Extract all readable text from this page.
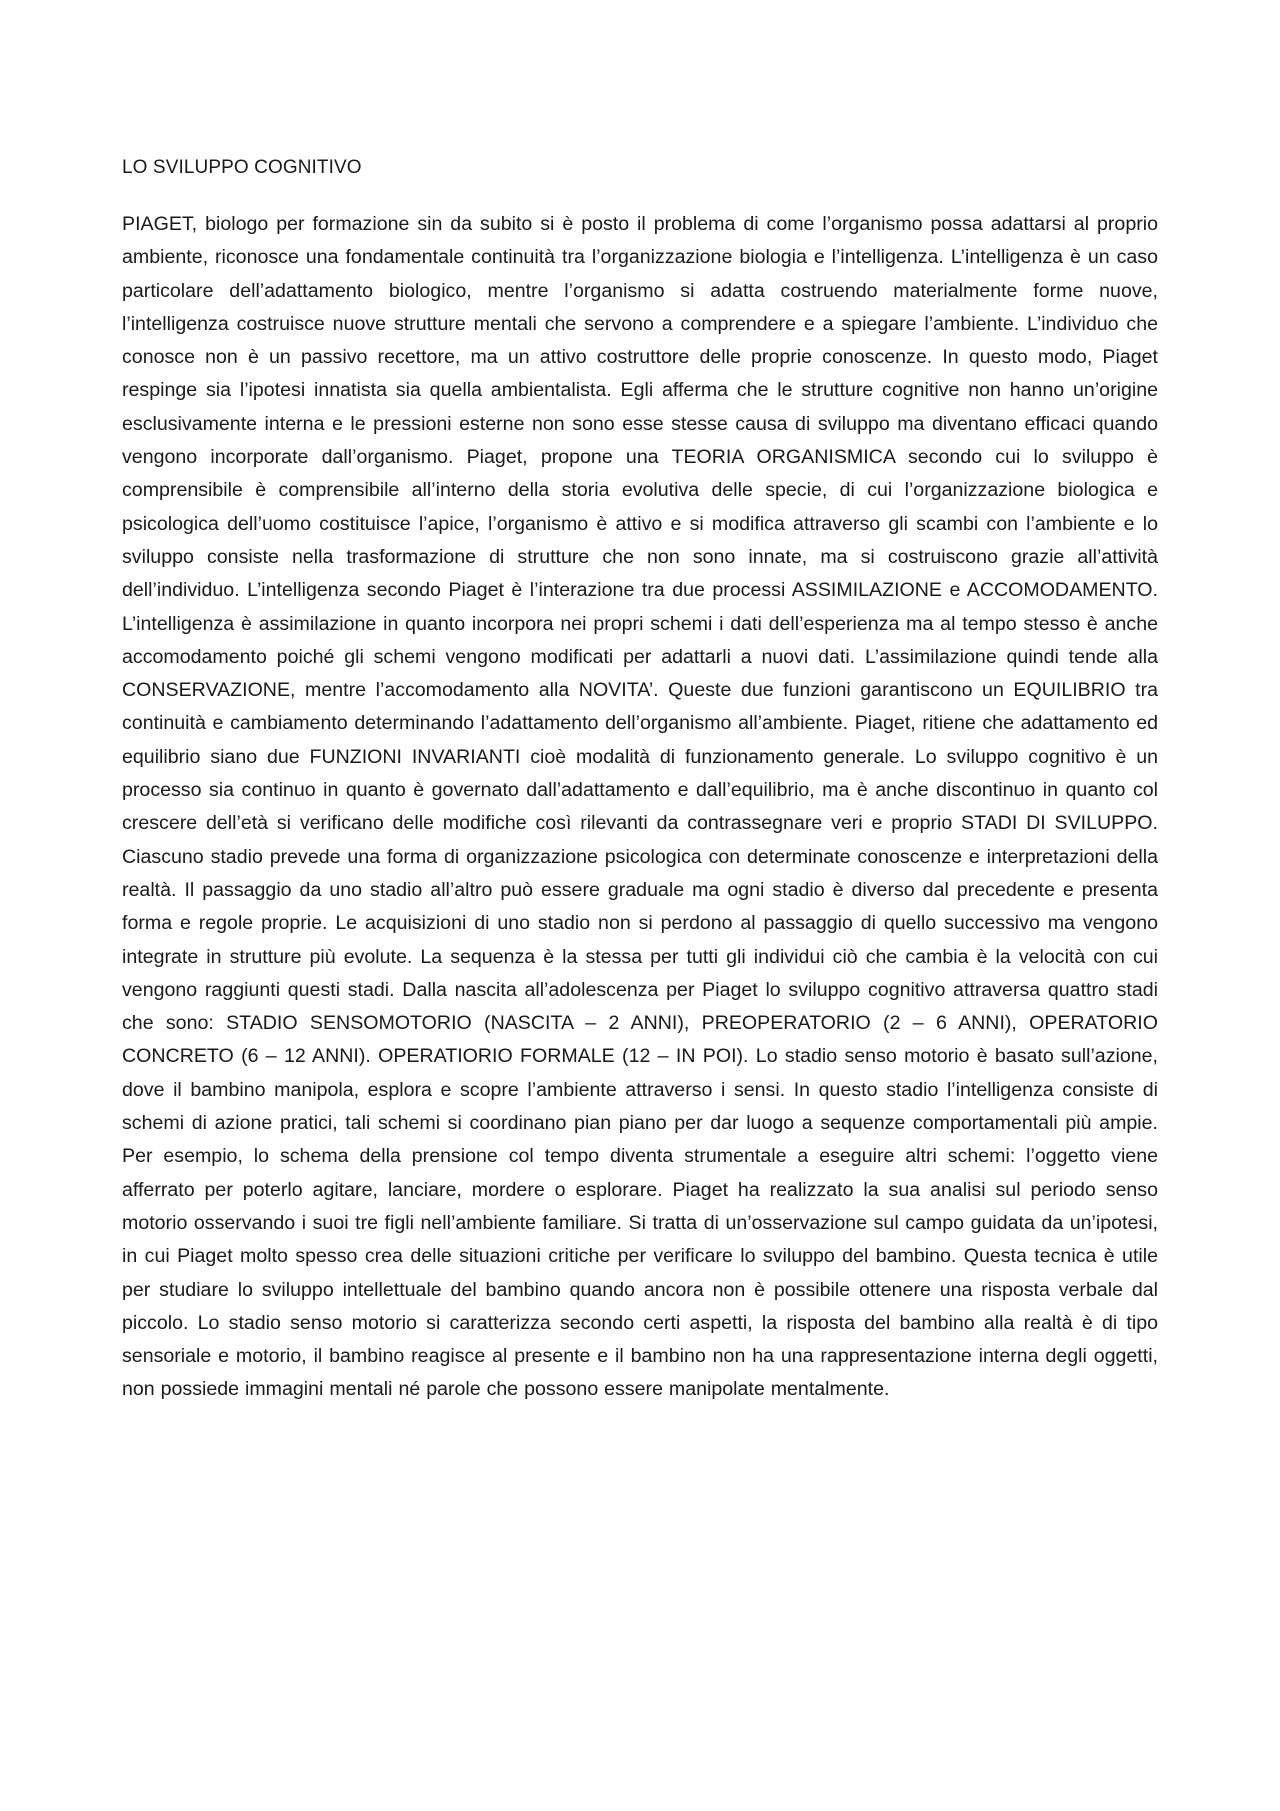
LO SVILUPPO COGNITIVO

PIAGET, biologo per formazione sin da subito si è posto il problema di come l’organismo possa adattarsi al proprio ambiente, riconosce una fondamentale continuità tra l’organizzazione biologia e l’intelligenza. L’intelligenza è un caso particolare dell’adattamento biologico, mentre l’organismo si adatta costruendo materialmente forme nuove, l’intelligenza costruisce nuove strutture mentali che servono a comprendere e a spiegare l’ambiente. L’individuo che conosce non è un passivo recettore, ma un attivo costruttore delle proprie conoscenze. In questo modo, Piaget respinge sia l’ipotesi innatista sia quella ambientalista. Egli afferma che le strutture cognitive non hanno un’origine esclusivamente interna e le pressioni esterne non sono esse stesse causa di sviluppo ma diventano efficaci quando vengono incorporate dall’organismo. Piaget, propone una TEORIA ORGANISMICA secondo cui lo sviluppo è comprensibile è comprensibile all’interno della storia evolutiva delle specie, di cui l’organizzazione biologica e psicologica dell’uomo costituisce l’apice, l’organismo è attivo e si modifica attraverso gli scambi con l’ambiente e lo sviluppo consiste nella trasformazione di strutture che non sono innate, ma si costruiscono grazie all’attività dell’individuo. L’intelligenza secondo Piaget è l’interazione tra due processi ASSIMILAZIONE e ACCOMODAMENTO. L’intelligenza è assimilazione in quanto incorpora nei propri schemi i dati dell’esperienza ma al tempo stesso è anche accomodamento poiché gli schemi vengono modificati per adattarli a nuovi dati. L’assimilazione quindi tende alla CONSERVAZIONE, mentre l’accomodamento alla NOVITA’. Queste due funzioni garantiscono un EQUILIBRIO tra continuità e cambiamento determinando l’adattamento dell’organismo all’ambiente. Piaget, ritiene che adattamento ed equilibrio siano due FUNZIONI INVARIANTI cioè modalità di funzionamento generale. Lo sviluppo cognitivo è un processo sia continuo in quanto è governato dall’adattamento e dall’equilibrio, ma è anche discontinuo in quanto col crescere dell’età si verificano delle modifiche così rilevanti da contrassegnare veri e proprio STADI DI SVILUPPO. Ciascuno stadio prevede una forma di organizzazione psicologica con determinate conoscenze e interpretazioni della realtà. Il passaggio da uno stadio all’altro può essere graduale ma ogni stadio è diverso dal precedente e presenta forma e regole proprie. Le acquisizioni di uno stadio non si perdono al passaggio di quello successivo ma vengono integrate in strutture più evolute. La sequenza è la stessa per tutti gli individui ciò che cambia è la velocità con cui vengono raggiunti questi stadi. Dalla nascita all’adolescenza per Piaget lo sviluppo cognitivo attraversa quattro stadi che sono: STADIO SENSOMOTORIO (NASCITA – 2 ANNI), PREOPERATORIO (2 – 6 ANNI), OPERATORIO CONCRETO (6 – 12 ANNI). OPERATIORIO FORMALE (12 – IN POI). Lo stadio senso motorio è basato sull’azione, dove il bambino manipola, esplora e scopre l’ambiente attraverso i sensi. In questo stadio l’intelligenza consiste di schemi di azione pratici, tali schemi si coordinano pian piano per dar luogo a sequenze comportamentali più ampie. Per esempio, lo schema della prensione col tempo diventa strumentale a eseguire altri schemi: l’oggetto viene afferrato per poterlo agitare, lanciare, mordere o esplorare. Piaget ha realizzato la sua analisi sul periodo senso motorio osservando i suoi tre figli nell’ambiente familiare. Si tratta di un’osservazione sul campo guidata da un’ipotesi, in cui Piaget molto spesso crea delle situazioni critiche per verificare lo sviluppo del bambino. Questa tecnica è utile per studiare lo sviluppo intellettuale del bambino quando ancora non è possibile ottenere una risposta verbale dal piccolo. Lo stadio senso motorio si caratterizza secondo certi aspetti, la risposta del bambino alla realtà è di tipo sensoriale e motorio, il bambino reagisce al presente e il bambino non ha una rappresentazione interna degli oggetti, non possiede immagini mentali né parole che possono essere manipolate mentalmente.
